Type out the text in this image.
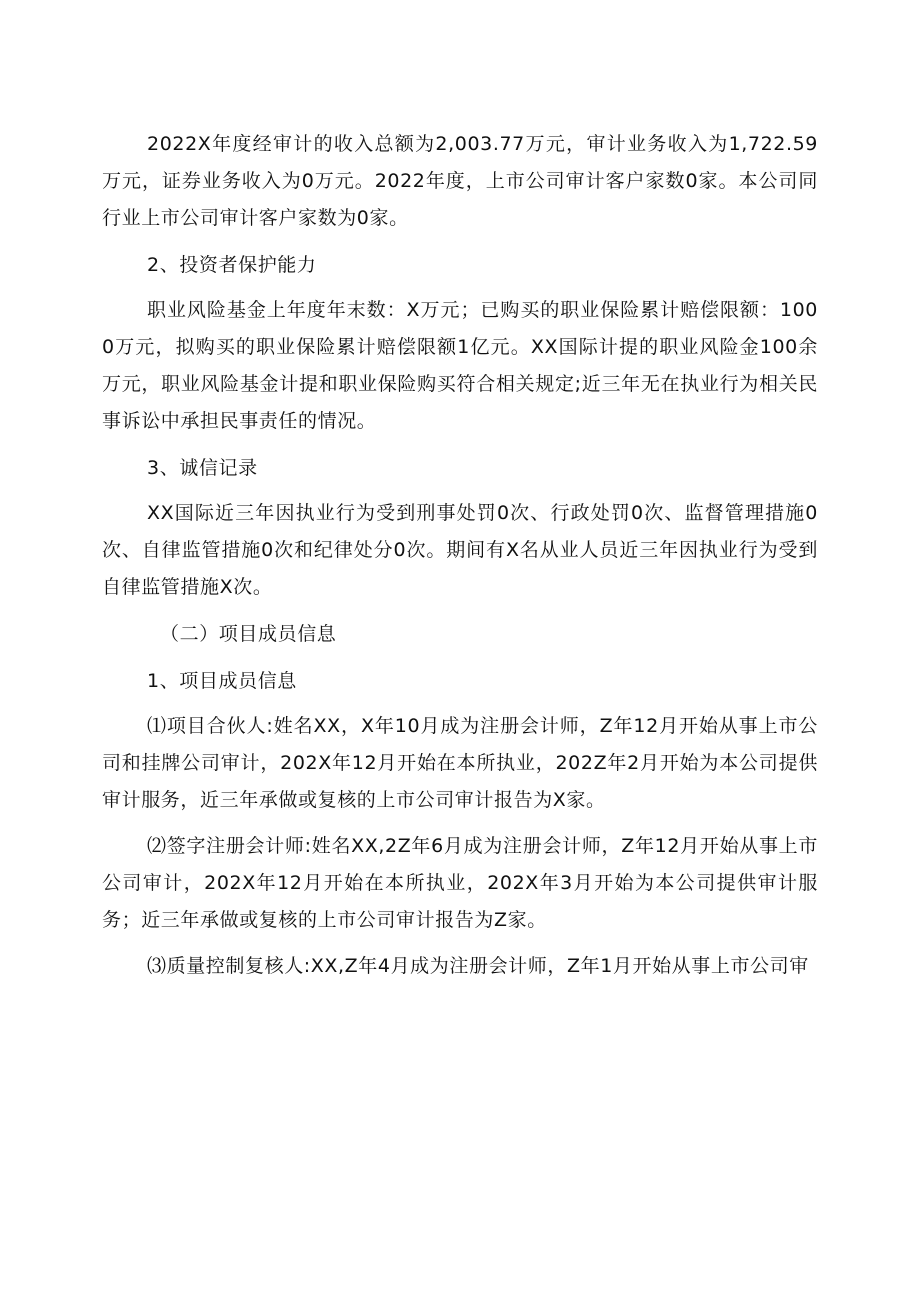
2022X年度经审计的收入总额为2,003.77万元，审计业务收入为1,722.59万元，证券业务收入为0万元。2022年度，上市公司审计客户家数0家。本公司同行业上市公司审计客户家数为0家。

2、投资者保护能力

职业风险基金上年度年末数：X万元；已购买的职业保险累计赔偿限额：1000万元，拟购买的职业保险累计赔偿限额1亿元。XX国际计提的职业风险金100余万元，职业风险基金计提和职业保险购买符合相关规定;近三年无在执业行为相关民事诉讼中承担民事责任的情况。

3、诚信记录

XX国际近三年因执业行为受到刑事处罚0次、行政处罚0次、监督管理措施0次、自律监管措施0次和纪律处分0次。期间有X名从业人员近三年因执业行为受到自律监管措施X次。

（二）项目成员信息

1、项目成员信息

⑴项目合伙人:姓名XX，X年10月成为注册会计师，Z年12月开始从事上市公司和挂牌公司审计，202X年12月开始在本所执业，202Z年2月开始为本公司提供审计服务，近三年承做或复核的上市公司审计报告为X家。

⑵签字注册会计师:姓名XX,2Z年6月成为注册会计师，Z年12月开始从事上市公司审计，202X年12月开始在本所执业，202X年3月开始为本公司提供审计服务；近三年承做或复核的上市公司审计报告为Z家。

⑶质量控制复核人:XX,Z年4月成为注册会计师，Z年1月开始从事上市公司审
